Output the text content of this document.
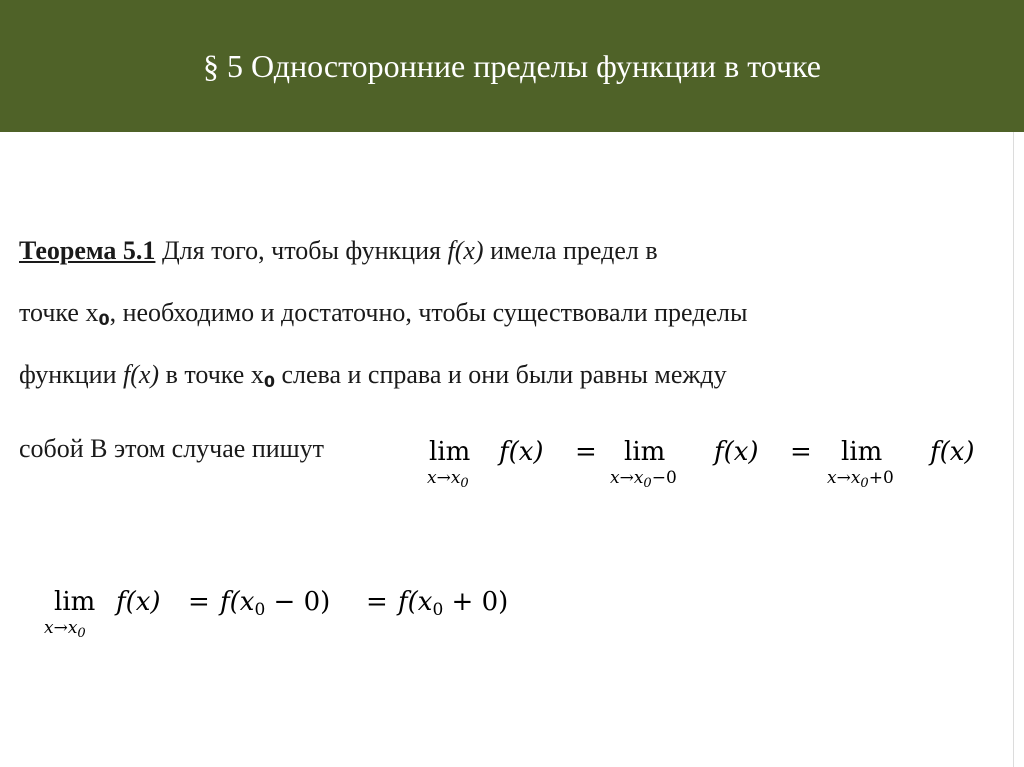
§ 5 Односторонние пределы функции в точке
Теорема 5.1 Для того, чтобы функция f(x) имела предел в
точке x0, необходимо и достаточно, чтобы существовали пределы
функции f(x) в точке x0 слева и справа и они были равны между
собой В этом случае пишут	lim
$x\to x_0$
f(x) = lim
$x\to x_0-0$
f(x) = lim
$x\to x_0+0$
f(x)
lim
$x\to x_0$
f(x) = f(x0 − 0) = f(x0 + 0)
